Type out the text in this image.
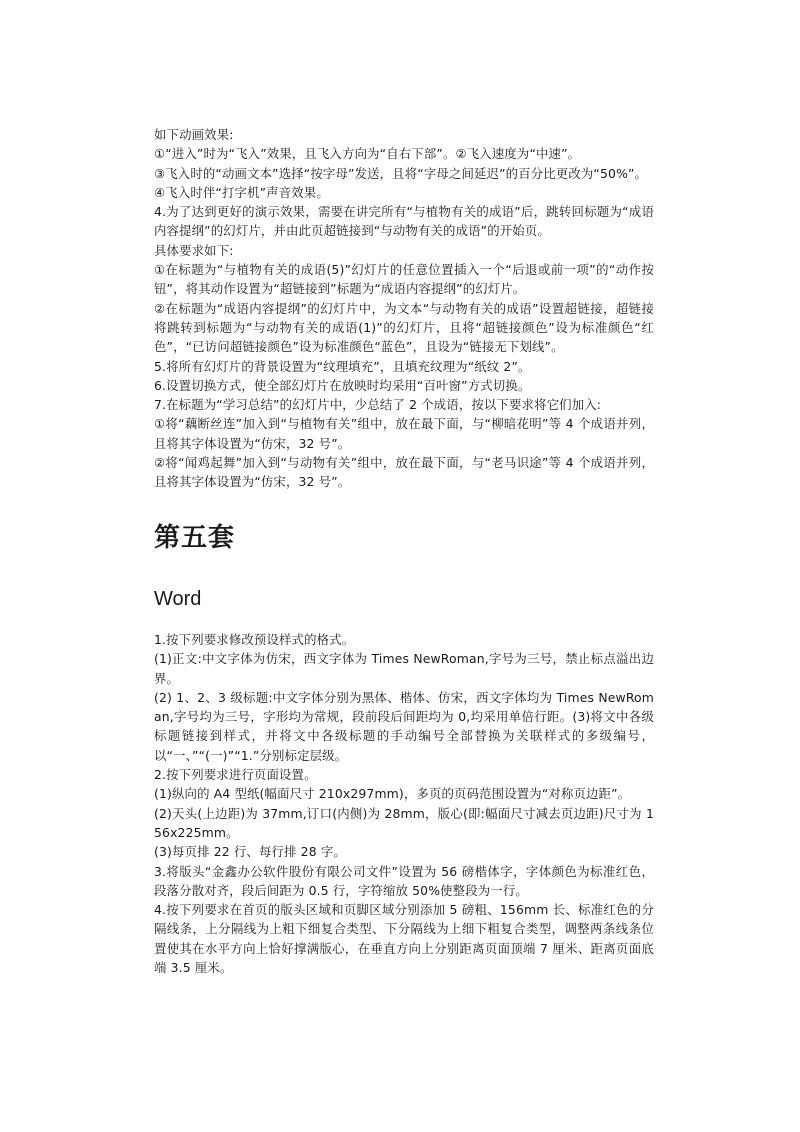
如下动画效果:

①“进入”时为“飞入”效果，且飞入方向为“自右下部”。②飞入速度为“中速”。

③飞入时的“动画文本”选择“按字母”发送，且将“字母之间延迟”的百分比更改为“50%”。

④飞入时伴“打字机”声音效果。

4.为了达到更好的演示效果，需要在讲完所有“与植物有关的成语”后，跳转回标题为“成语内容提纲”的幻灯片，并由此页超链接到“与动物有关的成语”的开始页。

具体要求如下:

①在标题为“与植物有关的成语(5)”幻灯片的任意位置插入一个“后退或前一项”的“动作按钮”，将其动作设置为“超链接到”标题为“成语内容提纲”的幻灯片。

②在标题为“成语内容提纲”的幻灯片中，为文本“与动物有关的成语”设置超链接，超链接将跳转到标题为“与动物有关的成语(1)”的幻灯片，且将“超链接颜色”设为标准颜色“红色”，“已访问超链接颜色”设为标准颜色“蓝色”，且设为“链接无下划线”。

5.将所有幻灯片的背景设置为“纹理填充”，且填充纹理为“纸纹 2”。

6.设置切换方式，使全部幻灯片在放映时均采用“百叶窗”方式切换。

7.在标题为“学习总结”的幻灯片中，少总结了 2 个成语，按以下要求将它们加入:

①将“藕断丝连”加入到“与植物有关”组中，放在最下面，与“柳暗花明”等 4 个成语并列，且将其字体设置为“仿宋，32 号”。

②将“闻鸡起舞”加入到“与动物有关”组中，放在最下面，与“老马识途”等 4 个成语并列，且将其字体设置为“仿宋，32 号”。

第五套
Word

1.按下列要求修改预设样式的格式。

(1)正文:中文字体为仿宋，西文字体为 Times NewRoman,字号为三号，禁止标点溢出边界。

(2) 1、2、3 级标题:中文字体分别为黑体、楷体、仿宋，西文字体均为 Times NewRoman,字号均为三号，字形均为常规，段前段后间距均为 0,均采用单倍行距。(3)将文中各级标题链接到样式，并将文中各级标题的手动编号全部替换为关联样式的多级编号，以“一、”“(一)”“1.”分别标定层级。

2.按下列要求进行页面设置。

(1)纵向的 A4 型纸(幅面尺寸 210x297mm)，多页的页码范围设置为“对称页边距”。

(2)天头(上边距)为 37mm,订口(内侧)为 28mm，版心(即:幅面尺寸减去页边距)尺寸为 156x225mm。

(3)每页排 22 行、每行排 28 字。

3.将版头“金鑫办公软件股份有限公司文件”设置为 56 磅楷体字，字体颜色为标准红色，段落分散对齐，段后间距为 0.5 行，字符缩放 50%使整段为一行。

4.按下列要求在首页的版头区域和页脚区域分别添加 5 磅粗、156mm 长、标准红色的分隔线条，上分隔线为上粗下细复合类型、下分隔线为上细下粗复合类型，调整两条线条位置使其在水平方向上恰好撑满版心，在垂直方向上分别距离页面顶端 7 厘米、距离页面底端 3.5 厘米。
